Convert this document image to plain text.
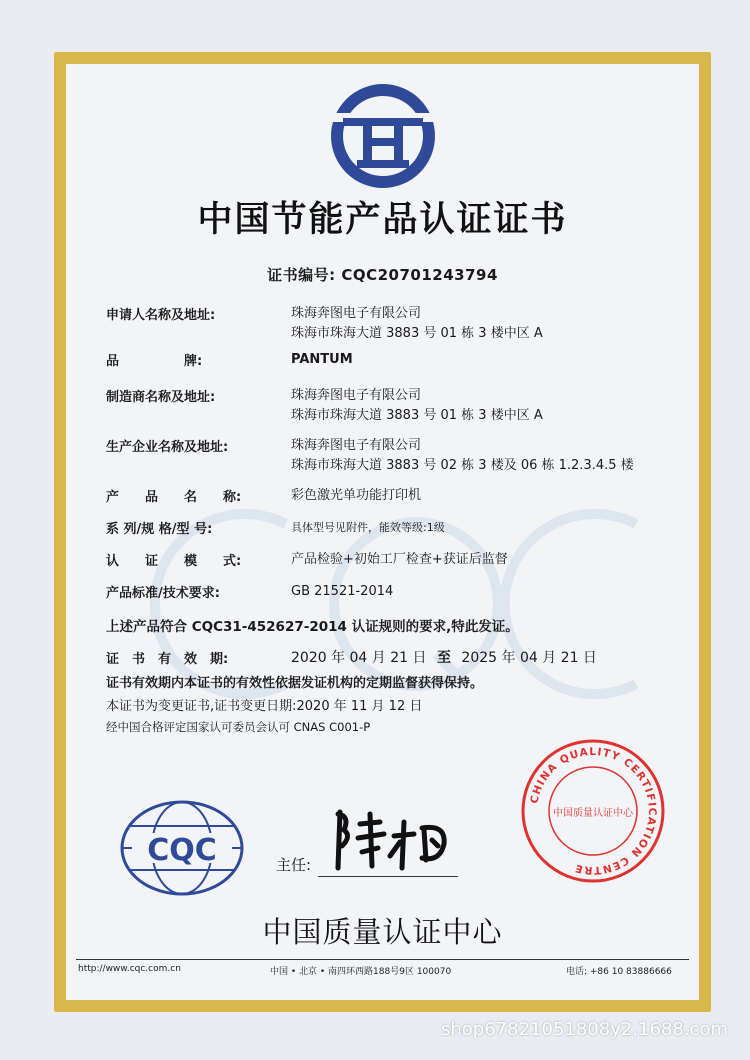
中国节能产品认证证书
证书编号: CQC20701243794
申请人名称及地址:	珠海奔图电子有限公司
珠海市珠海大道 3883 号 01 栋 3 楼中区 A
品　　　　　牌:	PANTUM
制造商名称及地址:	珠海奔图电子有限公司
珠海市珠海大道 3883 号 01 栋 3 楼中区 A
生产企业名称及地址:	珠海奔图电子有限公司
珠海市珠海大道 3883 号 02 栋 3 楼及 06 栋 1.2.3.4.5 楼
产　　品　　名　　称:	彩色激光单功能打印机
系 列/规 格/型 号:	具体型号见附件，能效等级:1级
认　　证　　模　　式:	产品检验+初始工厂检查+获证后监督
产品标准/技术要求:	GB 21521-2014
上述产品符合 CQC31-452627-2014 认证规则的要求,特此发证。
证　书　有　效　期:	2020 年 04 月 21 日 至 2025 年 04 月 21 日
证书有效期内本证书的有效性依据发证机构的定期监督获得保持。
本证书为变更证书,证书变更日期:2020 年 11 月 12 日
经中国合格评定国家认可委员会认可 CNAS C001-P
CQC	主任:
CHINA QUALITY CERTIFICATION CENTRE
中国质量认证中心
中国质量认证中心
http://www.cqc.com.cn	中国 • 北京 • 南四环西路188号9区 100070	电话: +86 10 83886666
shop67821051808y2.1688.com
